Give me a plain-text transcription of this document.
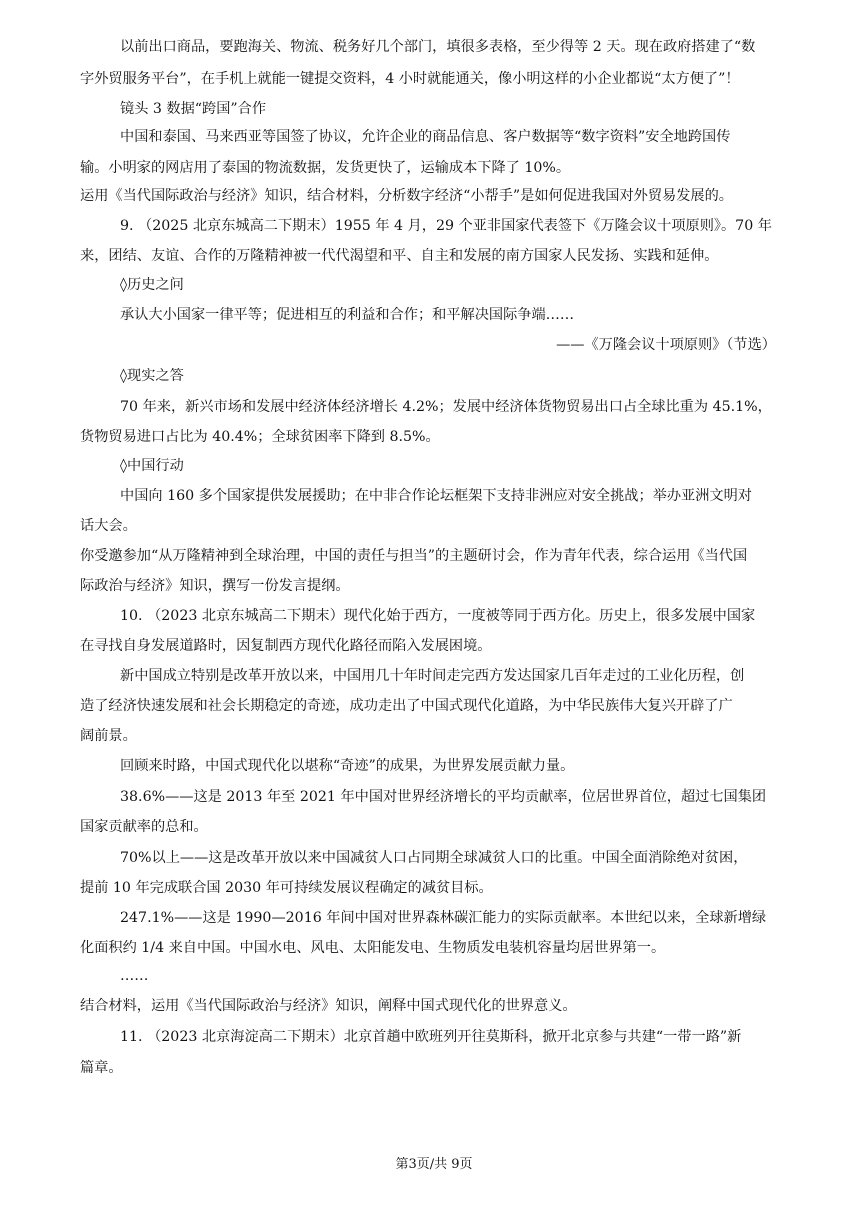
以前出口商品，要跑海关、物流、税务好几个部门，填很多表格，至少得等 2 天。现在政府搭建了“数
字外贸服务平台”，在手机上就能一键提交资料，4 小时就能通关，像小明这样的小企业都说“太方便了”！
镜头 3 数据“跨国”合作
中国和泰国、马来西亚等国签了协议，允许企业的商品信息、客户数据等“数字资料”安全地跨国传
输。小明家的网店用了泰国的物流数据，发货更快了，运输成本下降了 10%。
运用《当代国际政治与经济》知识，结合材料，分析数字经济“小帮手”是如何促进我国对外贸易发展的。
9. （2025 北京东城高二下期末）1955 年 4 月，29 个亚非国家代表签下《万隆会议十项原则》。70 年
来，团结、友谊、合作的万隆精神被一代代渴望和平、自主和发展的南方国家人民发扬、实践和延伸。
◊历史之问
承认大小国家一律平等；促进相互的利益和合作；和平解决国际争端……
——《万隆会议十项原则》（节选）
◊现实之答
70 年来，新兴市场和发展中经济体经济增长 4.2%；发展中经济体货物贸易出口占全球比重为 45.1%，
货物贸易进口占比为 40.4%；全球贫困率下降到 8.5%。
◊中国行动
中国向 160 多个国家提供发展援助；在中非合作论坛框架下支持非洲应对安全挑战；举办亚洲文明对
话大会。
你受邀参加“从万隆精神到全球治理，中国的责任与担当”的主题研讨会，作为青年代表，综合运用《当代国
际政治与经济》知识，撰写一份发言提纲。
10. （2023 北京东城高二下期末）现代化始于西方，一度被等同于西方化。历史上，很多发展中国家
在寻找自身发展道路时，因复制西方现代化路径而陷入发展困境。
新中国成立特别是改革开放以来，中国用几十年时间走完西方发达国家几百年走过的工业化历程，创
造了经济快速发展和社会长期稳定的奇迹，成功走出了中国式现代化道路，为中华民族伟大复兴开辟了广
阔前景。
回顾来时路，中国式现代化以堪称“奇迹”的成果，为世界发展贡献力量。
38.6%——这是 2013 年至 2021 年中国对世界经济增长的平均贡献率，位居世界首位，超过七国集团
国家贡献率的总和。
70%以上——这是改革开放以来中国减贫人口占同期全球减贫人口的比重。中国全面消除绝对贫困，
提前 10 年完成联合国 2030 年可持续发展议程确定的减贫目标。
247.1%——这是 1990—2016 年间中国对世界森林碳汇能力的实际贡献率。本世纪以来，全球新增绿
化面积约 1/4 来自中国。中国水电、风电、太阳能发电、生物质发电装机容量均居世界第一。
……
结合材料，运用《当代国际政治与经济》知识，阐释中国式现代化的世界意义。
11. （2023 北京海淀高二下期末）北京首趟中欧班列开往莫斯科，掀开北京参与共建“一带一路”新
篇章。
第3页/共 9页
